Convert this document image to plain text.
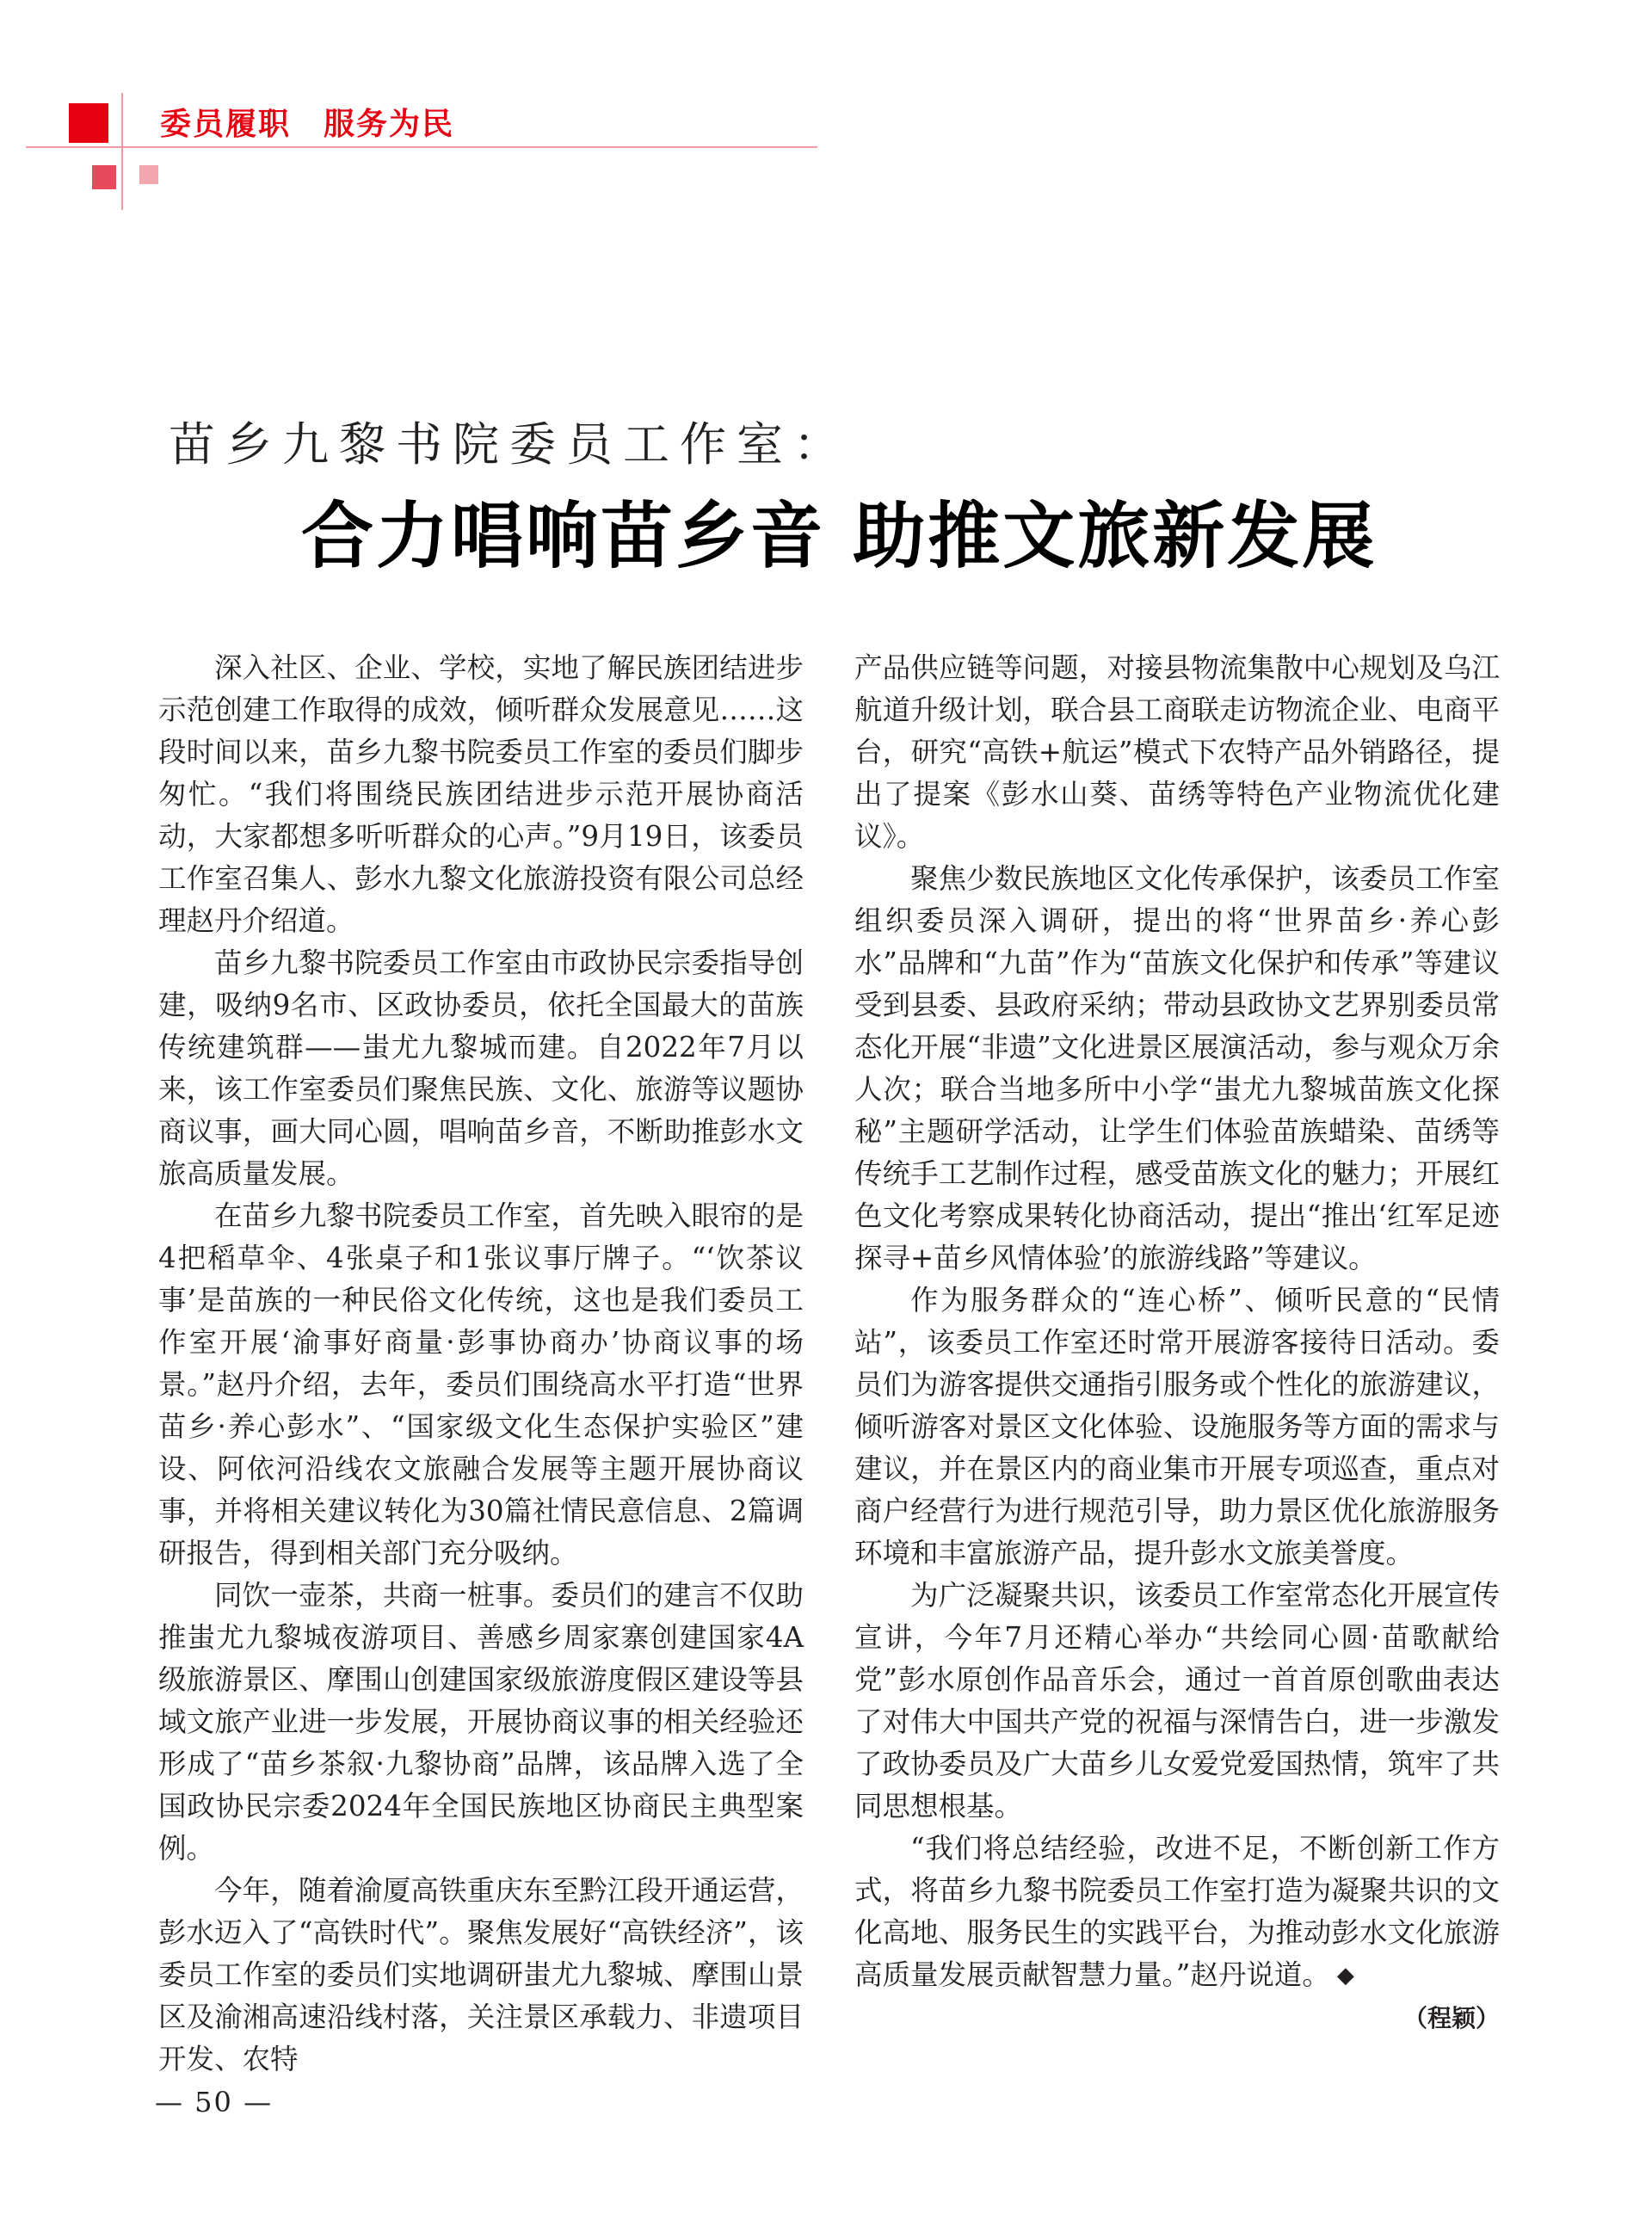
委员履职　服务为民
苗乡九黎书院委员工作室：
合力唱响苗乡音 助推文旅新发展

深入社区、企业、学校，实地了解民族团结进步示范创建工作取得的成效，倾听群众发展意见……这段时间以来，苗乡九黎书院委员工作室的委员们脚步匆忙。“我们将围绕民族团结进步示范开展协商活动，大家都想多听听群众的心声。”9月19日，该委员工作室召集人、彭水九黎文化旅游投资有限公司总经理赵丹介绍道。

苗乡九黎书院委员工作室由市政协民宗委指导创建，吸纳9名市、区政协委员，依托全国最大的苗族传统建筑群——蚩尤九黎城而建。自2022年7月以来，该工作室委员们聚焦民族、文化、旅游等议题协商议事，画大同心圆，唱响苗乡音，不断助推彭水文旅高质量发展。

在苗乡九黎书院委员工作室，首先映入眼帘的是4把稻草伞、4张桌子和1张议事厅牌子。“‘饮茶议事’是苗族的一种民俗文化传统，这也是我们委员工作室开展‘渝事好商量·彭事协商办’协商议事的场景。”赵丹介绍，去年，委员们围绕高水平打造“世界苗乡·养心彭水”、“国家级文化生态保护实验区”建设、阿依河沿线农文旅融合发展等主题开展协商议事，并将相关建议转化为30篇社情民意信息、2篇调研报告，得到相关部门充分吸纳。

同饮一壶茶，共商一桩事。委员们的建言不仅助推蚩尤九黎城夜游项目、善感乡周家寨创建国家4A级旅游景区、摩围山创建国家级旅游度假区建设等县域文旅产业进一步发展，开展协商议事的相关经验还形成了“苗乡茶叙·九黎协商”品牌，该品牌入选了全国政协民宗委2024年全国民族地区协商民主典型案例。

今年，随着渝厦高铁重庆东至黔江段开通运营，彭水迈入了“高铁时代”。聚焦发展好“高铁经济”，该委员工作室的委员们实地调研蚩尤九黎城、摩围山景区及渝湘高速沿线村落，关注景区承载力、非遗项目开发、农特

产品供应链等问题，对接县物流集散中心规划及乌江航道升级计划，联合县工商联走访物流企业、电商平台，研究“高铁+航运”模式下农特产品外销路径，提出了提案《彭水山葵、苗绣等特色产业物流优化建议》。

聚焦少数民族地区文化传承保护，该委员工作室组织委员深入调研，提出的将“世界苗乡·养心彭水”品牌和“九苗”作为“苗族文化保护和传承”等建议受到县委、县政府采纳；带动县政协文艺界别委员常态化开展“非遗”文化进景区展演活动，参与观众万余人次；联合当地多所中小学“蚩尤九黎城苗族文化探秘”主题研学活动，让学生们体验苗族蜡染、苗绣等传统手工艺制作过程，感受苗族文化的魅力；开展红色文化考察成果转化协商活动，提出“推出‘红军足迹探寻+苗乡风情体验’的旅游线路”等建议。

作为服务群众的“连心桥”、倾听民意的“民情站”，该委员工作室还时常开展游客接待日活动。委员们为游客提供交通指引服务或个性化的旅游建议，倾听游客对景区文化体验、设施服务等方面的需求与建议，并在景区内的商业集市开展专项巡查，重点对商户经营行为进行规范引导，助力景区优化旅游服务环境和丰富旅游产品，提升彭水文旅美誉度。

为广泛凝聚共识，该委员工作室常态化开展宣传宣讲，今年7月还精心举办“共绘同心圆·苗歌献给党”彭水原创作品音乐会，通过一首首原创歌曲表达了对伟大中国共产党的祝福与深情告白，进一步激发了政协委员及广大苗乡儿女爱党爱国热情，筑牢了共同思想根基。

“我们将总结经验，改进不足，不断创新工作方式，将苗乡九黎书院委员工作室打造为凝聚共识的文化高地、服务民生的实践平台，为推动彭水文化旅游高质量发展贡献智慧力量。”赵丹说道。 ◆
（程颖）

— 50 —
